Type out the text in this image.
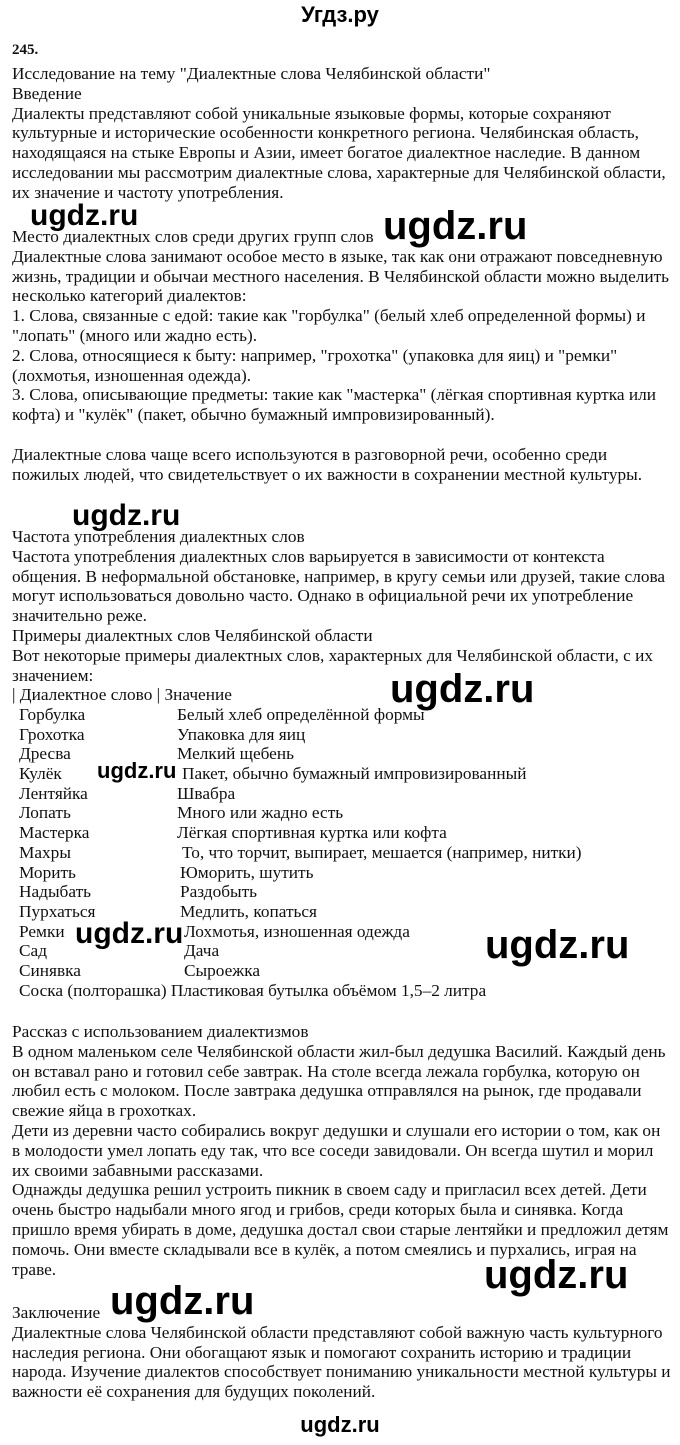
Угдз.ру
245.

Исследование на тему "Диалектные слова Челябинской области"

Введение

Диалекты представляют собой уникальные языковые формы, которые сохраняют культурные и исторические особенности конкретного региона. Челябинская область, находящаяся на стыке Европы и Азии, имеет богатое диалектное наследие. В данном исследовании мы рассмотрим диалектные слова, характерные для Челябинской области, их значение и частоту употребления.

Место диалектных слов среди других групп слов

Диалектные слова занимают особое место в языке, так как они отражают повседневную жизнь, традиции и обычаи местного населения. В Челябинской области можно выделить несколько категорий диалектов:

1. Слова, связанные с едой: такие как "горбулка" (белый хлеб определенной формы) и "лопать" (много или жадно есть).

2. Слова, относящиеся к быту: например, "грохотка" (упаковка для яиц) и "ремки" (лохмотья, изношенная одежда).

3. Слова, описывающие предметы: такие как "мастерка" (лёгкая спортивная куртка или кофта) и "кулёк" (пакет, обычно бумажный импровизированный).

Диалектные слова чаще всего используются в разговорной речи, особенно среди пожилых людей, что свидетельствует о их важности в сохранении местной культуры.

Частота употребления диалектных слов

Частота употребления диалектных слов варьируется в зависимости от контекста общения. В неформальной обстановке, например, в кругу семьи или друзей, такие слова могут использоваться довольно часто. Однако в официальной речи их употребление значительно реже.

Примеры диалектных слов Челябинской области

Вот некоторые примеры диалектных слов, характерных для Челябинской области, с их значением:

| Диалектное слово | Значение
Горбулка	Белый хлеб определённой формы
Грохотка	Упаковка для яиц
Дресва	Мелкий щебень
Кулёк	Пакет, обычно бумажный импровизированный
Лентяйка	Швабра
Лопать	Много или жадно есть
Мастерка	Лёгкая спортивная куртка или кофта
Махры	То, что торчит, выпирает, мешается (например, нитки)
Морить	Юморить, шутить
Надыбать	Раздобыть
Пурхаться	Медлить, копаться
Ремки	Лохмотья, изношенная одежда
Сад	Дача
Синявка	Сыроежка
Соска (полторашка) Пластиковая бутылка объёмом 1,5–2 литра

Рассказ с использованием диалектизмов

В одном маленьком селе Челябинской области жил-был дедушка Василий. Каждый день он вставал рано и готовил себе завтрак. На столе всегда лежала горбулка, которую он любил есть с молоком. После завтрака дедушка отправлялся на рынок, где продавали свежие яйца в грохотках.

Дети из деревни часто собирались вокруг дедушки и слушали его истории о том, как он в молодости умел лопать еду так, что все соседи завидовали. Он всегда шутил и морил их своими забавными рассказами.

Однажды дедушка решил устроить пикник в своем саду и пригласил всех детей. Дети очень быстро надыбали много ягод и грибов, среди которых была и синявка. Когда пришло время убирать в доме, дедушка достал свои старые лентяйки и предложил детям помочь. Они вместе складывали все в кулёк, а потом смеялись и пурхались, играя на траве.

Заключение

Диалектные слова Челябинской области представляют собой важную часть культурного наследия региона. Они обогащают язык и помогают сохранить историю и традиции народа. Изучение диалектов способствует пониманию уникальности местной культуры и важности её сохранения для будущих поколений.

ugdz.ru	ugdz.ru
ugdz.ru
ugdz.ru
ugdz.ru
ugdz.ru	ugdz.ru
ugdz.ru
ugdz.ru
ugdz.ru
